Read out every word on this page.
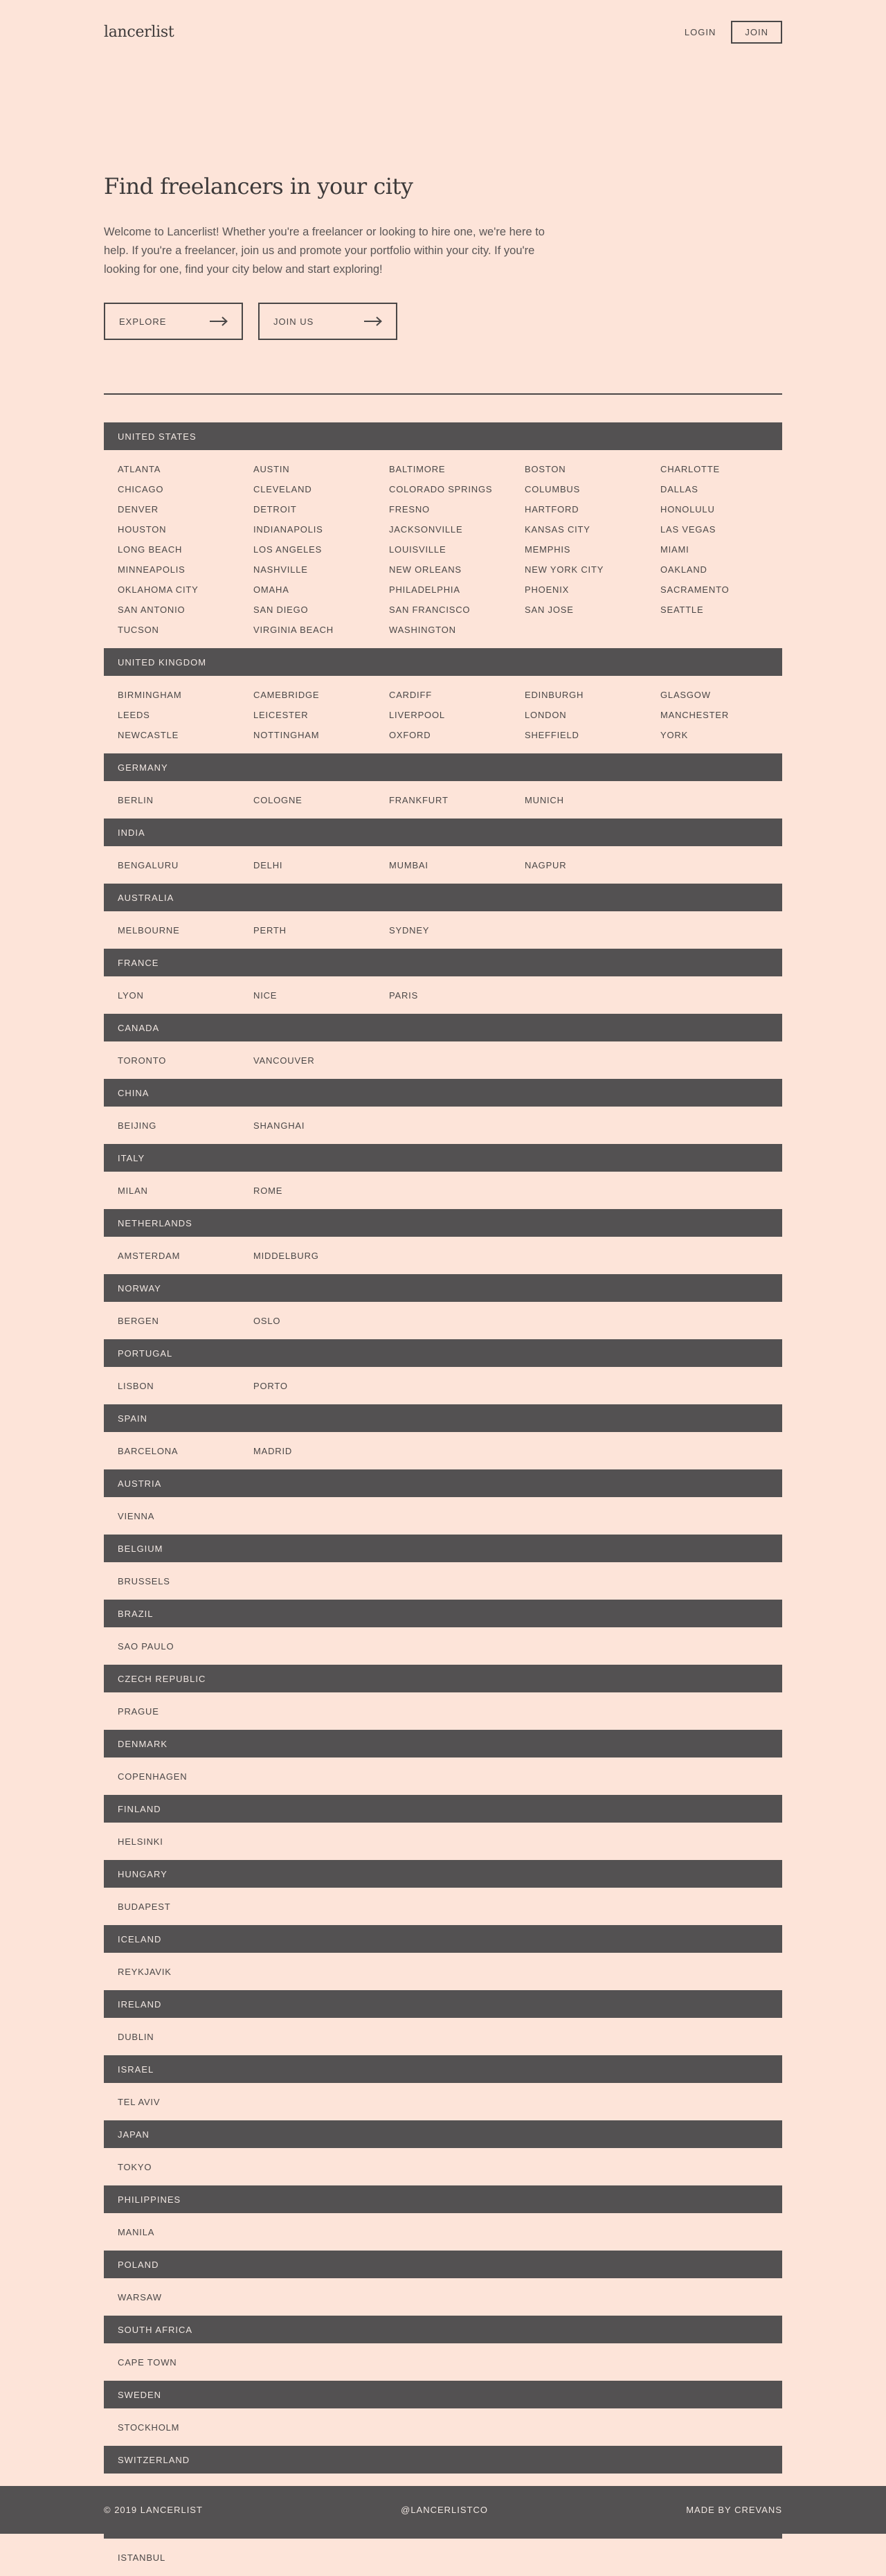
lancerlist	LOGIN	JOIN
Find freelancers in your city

Welcome to Lancerlist! Whether you're a freelancer or looking to hire one, we're here to help. If you're a freelancer, join us and promote your portfolio within your city. If you're looking for one, find your city below and start exploring!

EXPLORE	JOIN US
UNITED STATES
ATLANTA	AUSTIN	BALTIMORE	BOSTON	CHARLOTTE
CHICAGO	CLEVELAND	COLORADO SPRINGS	COLUMBUS	DALLAS
DENVER	DETROIT	FRESNO	HARTFORD	HONOLULU
HOUSTON	INDIANAPOLIS	JACKSONVILLE	KANSAS CITY	LAS VEGAS
LONG BEACH	LOS ANGELES	LOUISVILLE	MEMPHIS	MIAMI
MINNEAPOLIS	NASHVILLE	NEW ORLEANS	NEW YORK CITY	OAKLAND
OKLAHOMA CITY	OMAHA	PHILADELPHIA	PHOENIX	SACRAMENTO
SAN ANTONIO	SAN DIEGO	SAN FRANCISCO	SAN JOSE	SEATTLE
TUCSON	VIRGINIA BEACH	WASHINGTON
UNITED KINGDOM
BIRMINGHAM	CAMEBRIDGE	CARDIFF	EDINBURGH	GLASGOW
LEEDS	LEICESTER	LIVERPOOL	LONDON	MANCHESTER
NEWCASTLE	NOTTINGHAM	OXFORD	SHEFFIELD	YORK
GERMANY
BERLIN	COLOGNE	FRANKFURT	MUNICH
INDIA
BENGALURU	DELHI	MUMBAI	NAGPUR
AUSTRALIA
MELBOURNE	PERTH	SYDNEY
FRANCE
LYON	NICE	PARIS
CANADA
TORONTO	VANCOUVER
CHINA
BEIJING	SHANGHAI
ITALY
MILAN	ROME
NETHERLANDS
AMSTERDAM	MIDDELBURG
NORWAY
BERGEN	OSLO
PORTUGAL
LISBON	PORTO
SPAIN
BARCELONA	MADRID
AUSTRIA
VIENNA
BELGIUM
BRUSSELS
BRAZIL
SAO PAULO
CZECH REPUBLIC
PRAGUE
DENMARK
COPENHAGEN
FINLAND
HELSINKI
HUNGARY
BUDAPEST
ICELAND
REYKJAVIK
IRELAND
DUBLIN
ISRAEL
TEL AVIV
JAPAN
TOKYO
PHILIPPINES
MANILA
POLAND
WARSAW
SOUTH AFRICA
CAPE TOWN
SWEDEN
STOCKHOLM
SWITZERLAND
ISTANBUL
© 2019 LANCERLIST	@LANCERLISTCO	MADE BY CREVANS
